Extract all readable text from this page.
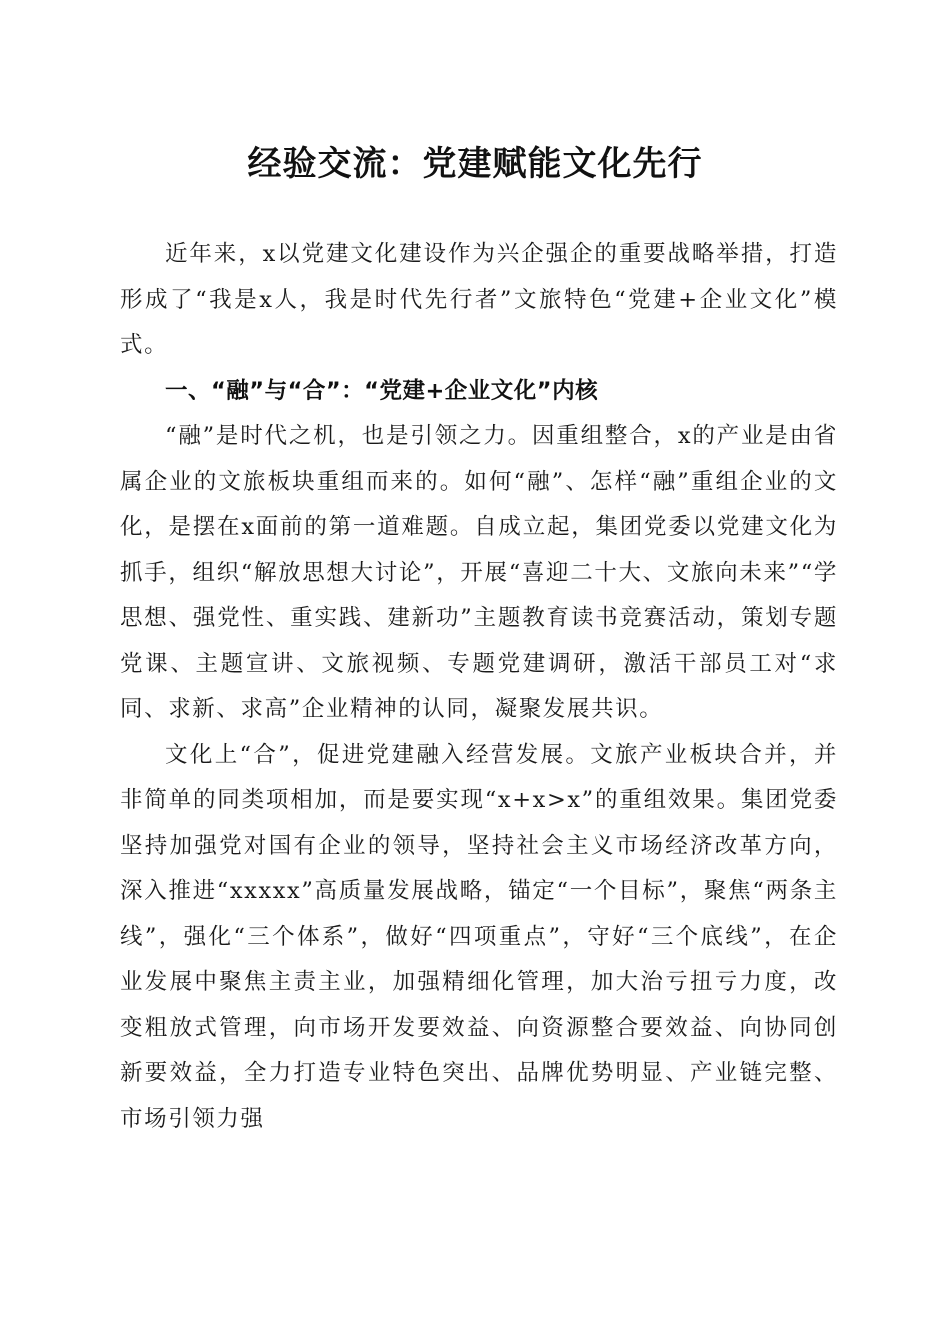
经验交流：党建赋能文化先行

近年来，x以党建文化建设作为兴企强企的重要战略举措，打造形成了“我是x人，我是时代先行者”文旅特色“党建+企业文化”模式。

一、“融”与“合”：“党建+企业文化”内核

“融”是时代之机，也是引领之力。因重组整合，x的产业是由省属企业的文旅板块重组而来的。如何“融”、怎样“融”重组企业的文化，是摆在x面前的第一道难题。自成立起，集团党委以党建文化为抓手，组织“解放思想大讨论”，开展“喜迎二十大、文旅向未来”“学思想、强党性、重实践、建新功”主题教育读书竞赛活动，策划专题党课、主题宣讲、文旅视频、专题党建调研，激活干部员工对“求同、求新、求高”企业精神的认同，凝聚发展共识。

文化上“合”，促进党建融入经营发展。文旅产业板块合并，并非简单的同类项相加，而是要实现“x+x>x”的重组效果。集团党委坚持加强党对国有企业的领导，坚持社会主义市场经济改革方向，深入推进“xxxxx”高质量发展战略，锚定“一个目标”，聚焦“两条主线”，强化“三个体系”，做好“四项重点”，守好“三个底线”，在企业发展中聚焦主责主业，加强精细化管理，加大治亏扭亏力度，改变粗放式管理，向市场开发要效益、向资源整合要效益、向协同创新要效益，全力打造专业特色突出、品牌优势明显、产业链完整、市场引领力强
